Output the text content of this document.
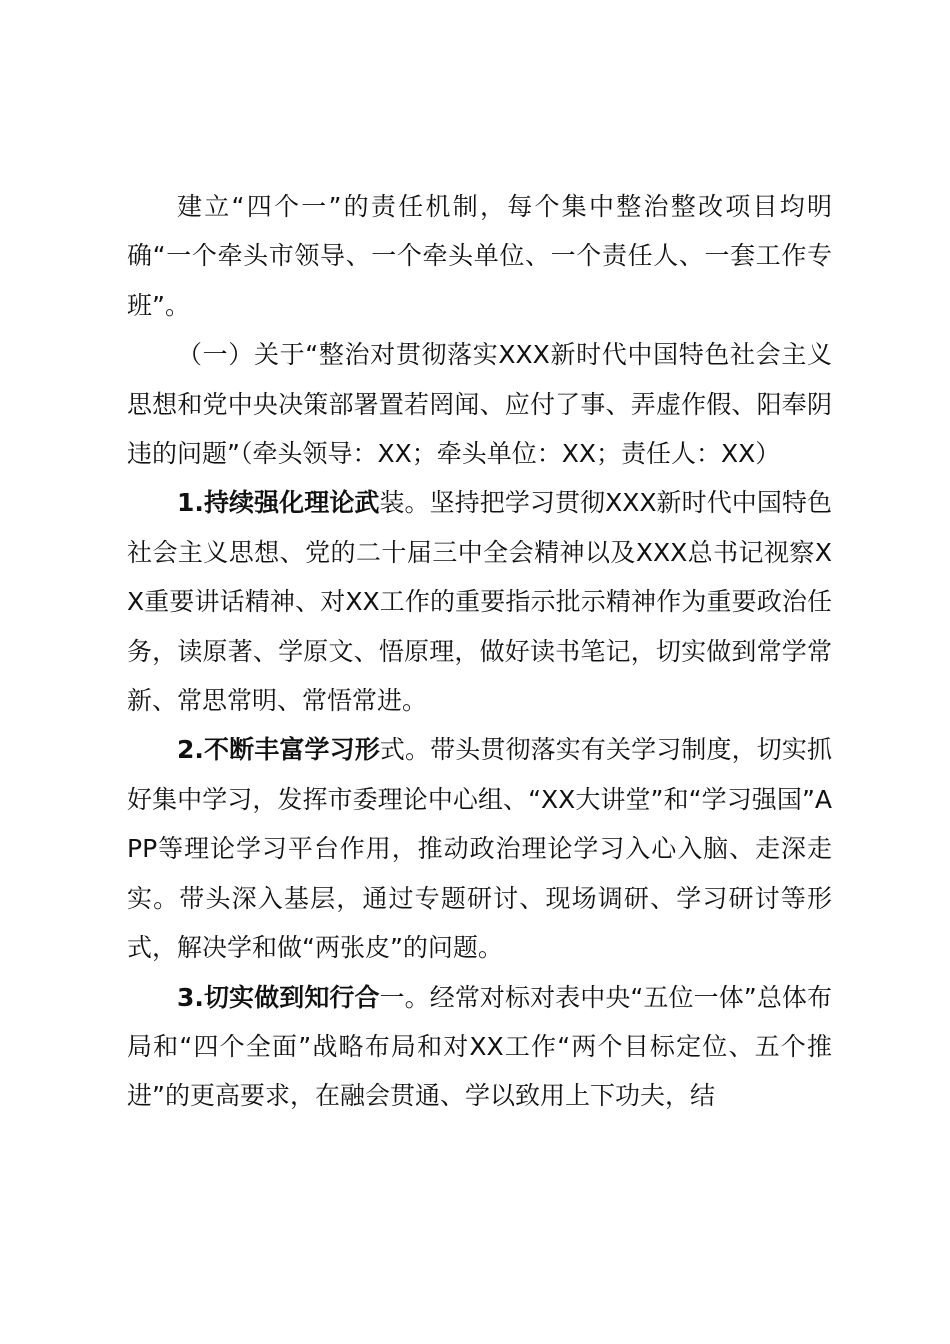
建立“四个一”的责任机制，每个集中整治整改项目均明确“一个牵头市领导、一个牵头单位、一个责任人、一套工作专班”。

（一）关于“整治对贯彻落实XXX新时代中国特色社会主义思想和党中央决策部署置若罔闻、应付了事、弄虚作假、阳奉阴违的问题”（牵头领导：XX；牵头单位：XX；责任人：XX）

1.持续强化理论武装。坚持把学习贯彻XXX新时代中国特色社会主义思想、党的二十届三中全会精神以及XXX总书记视察XX重要讲话精神、对XX工作的重要指示批示精神作为重要政治任务，读原著、学原文、悟原理，做好读书笔记，切实做到常学常新、常思常明、常悟常进。

2.不断丰富学习形式。带头贯彻落实有关学习制度，切实抓好集中学习，发挥市委理论中心组、“XX大讲堂”和“学习强国”APP等理论学习平台作用，推动政治理论学习入心入脑、走深走实。带头深入基层，通过专题研讨、现场调研、学习研讨等形式，解决学和做“两张皮”的问题。

3.切实做到知行合一。经常对标对表中央“五位一体”总体布局和“四个全面”战略布局和对XX工作“两个目标定位、五个推进”的更高要求，在融会贯通、学以致用上下功夫，结
